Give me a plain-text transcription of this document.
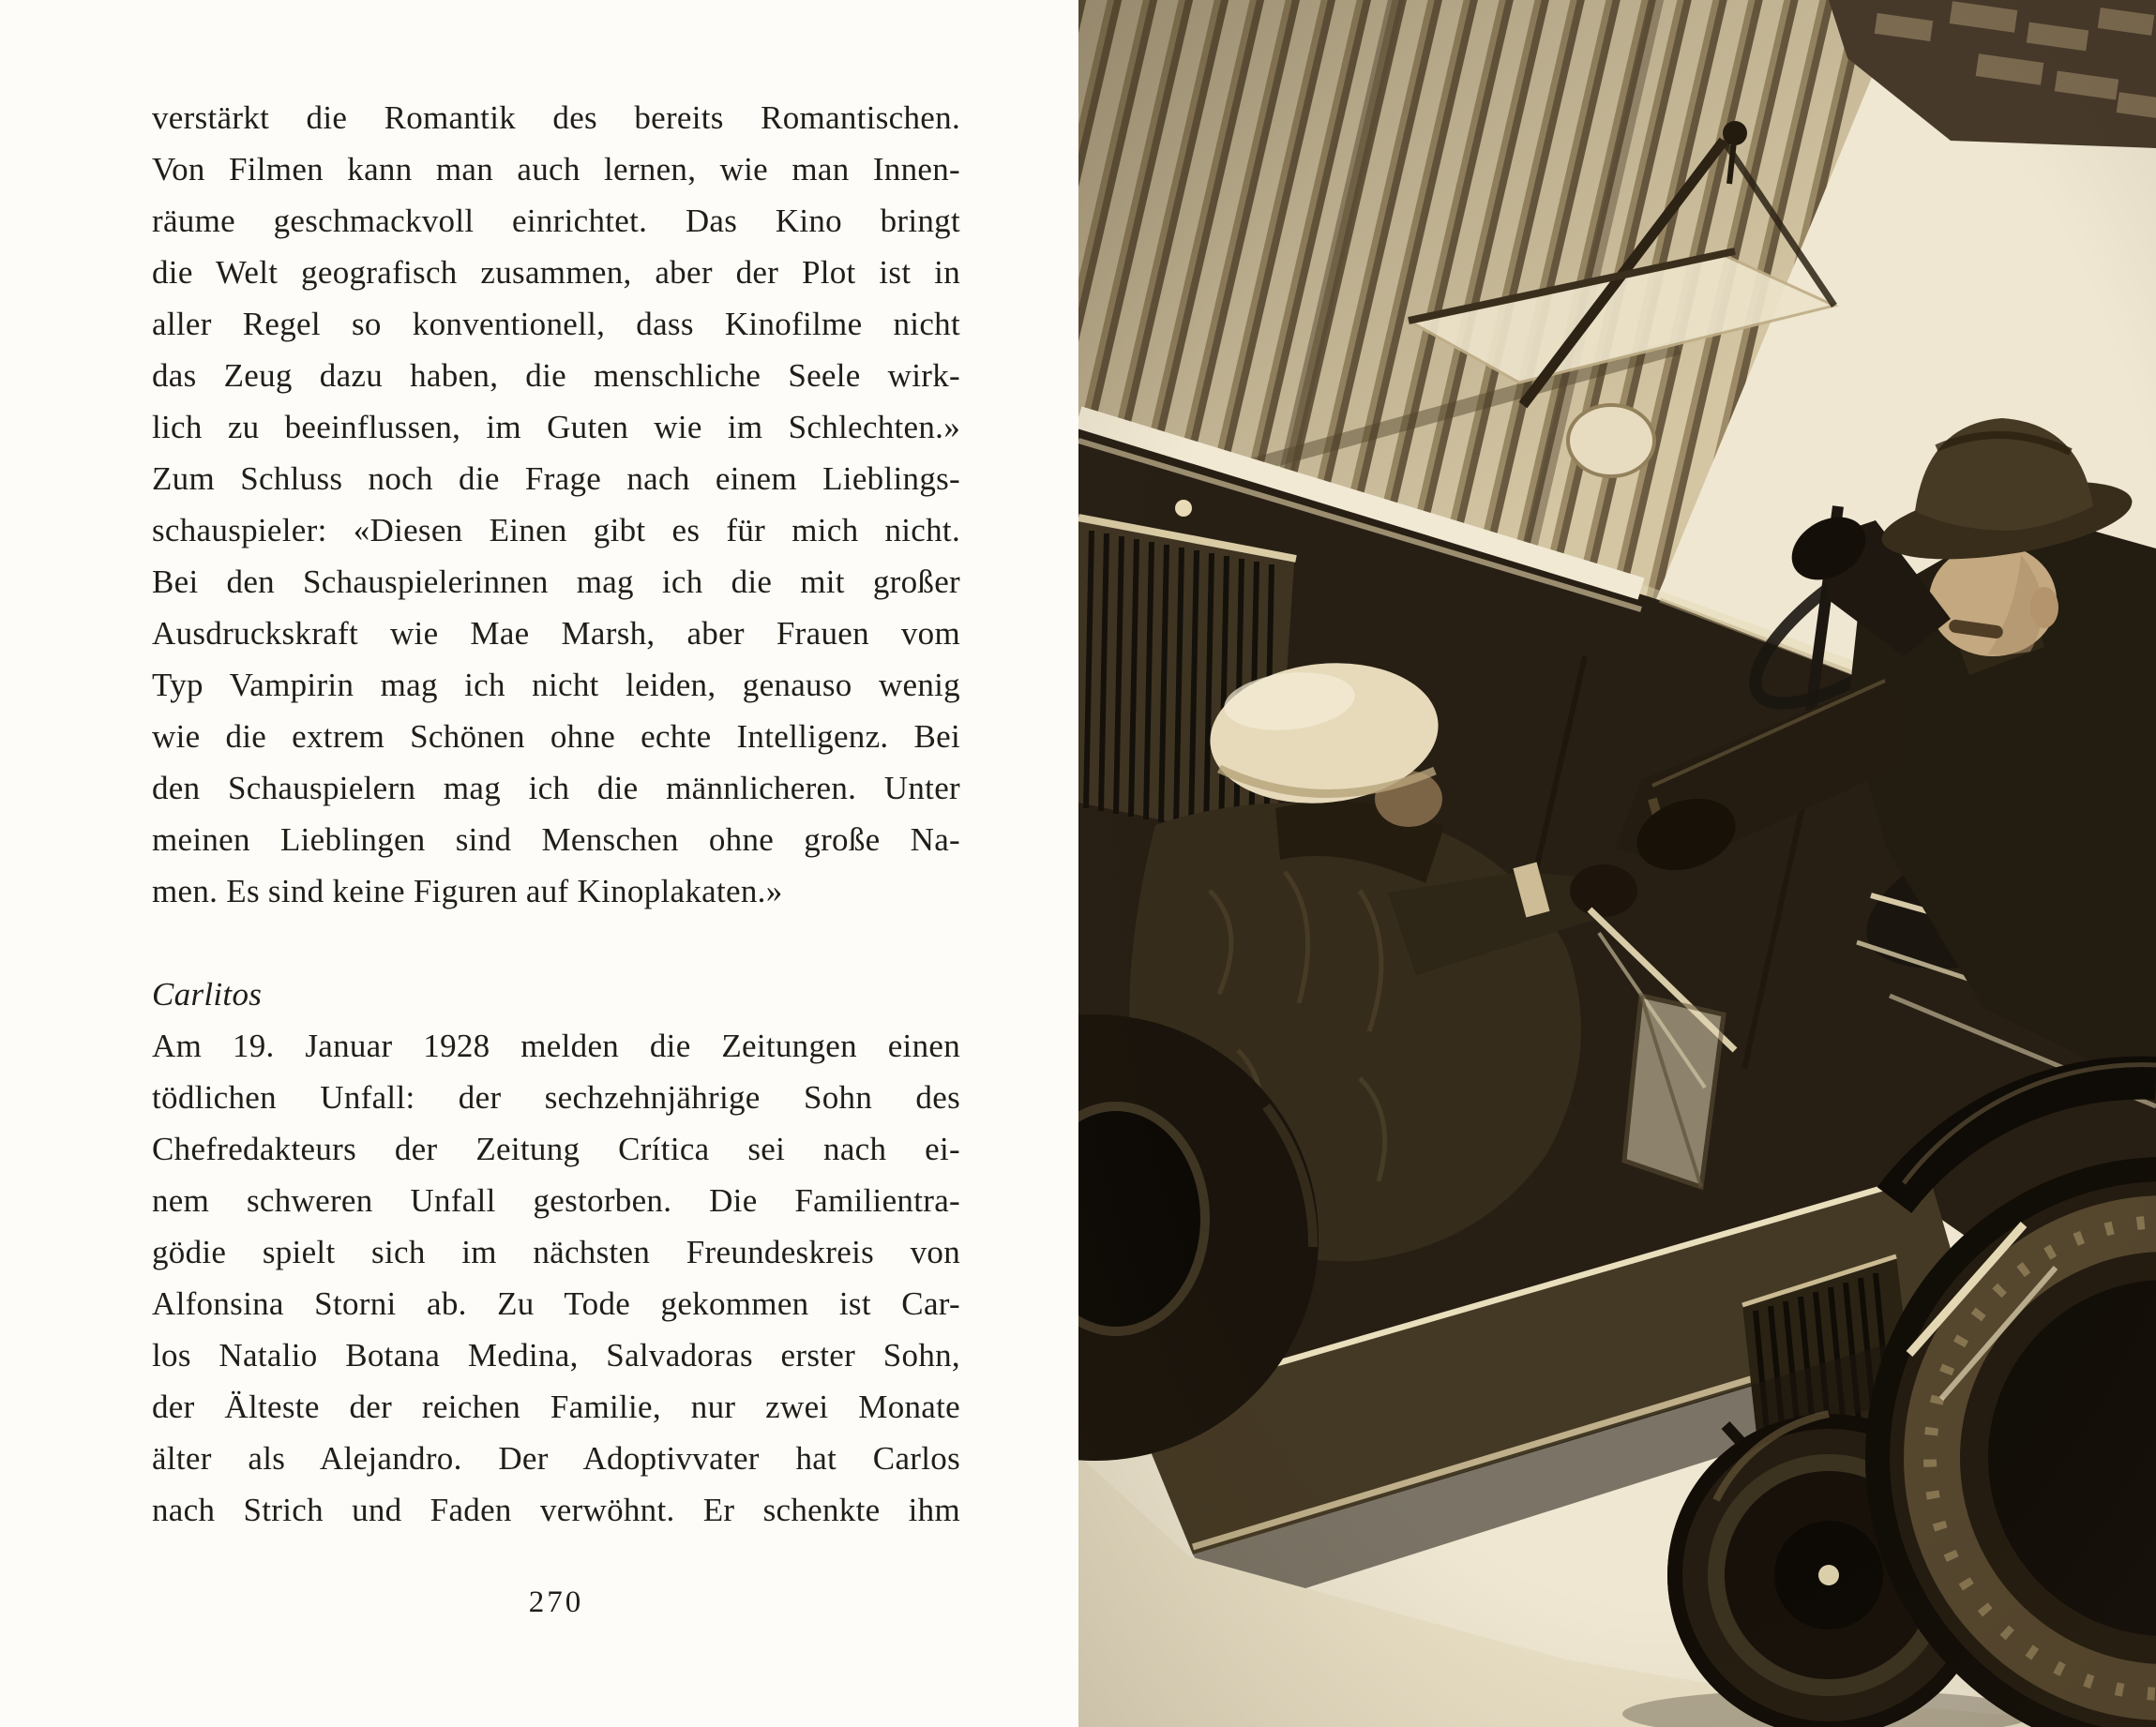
verstärkt die Romantik des bereits Romantischen.
Von Filmen kann man auch lernen, wie man Innen-
räume geschmackvoll einrichtet. Das Kino bringt
die Welt geografisch zusammen, aber der Plot ist in
aller Regel so konventionell, dass Kinofilme nicht
das Zeug dazu haben, die menschliche Seele wirk-
lich zu beeinflussen, im Guten wie im Schlechten.»
Zum Schluss noch die Frage nach einem Lieblings-
schauspieler: «Diesen Einen gibt es für mich nicht.
Bei den Schauspielerinnen mag ich die mit großer
Ausdruckskraft wie Mae Marsh, aber Frauen vom
Typ Vampirin mag ich nicht leiden, genauso wenig
wie die extrem Schönen ohne echte Intelligenz. Bei
den Schauspielern mag ich die männlicheren. Unter
meinen Lieblingen sind Menschen ohne große Na-
men. Es sind keine Figuren auf Kinoplakaten.»
Carlitos
Am 19. Januar 1928 melden die Zeitungen einen
tödlichen Unfall: der sechzehnjährige Sohn des
Chefredakteurs der Zeitung Crítica sei nach ei-
nem schweren Unfall gestorben. Die Familientra-
gödie spielt sich im nächsten Freundeskreis von
Alfonsina Storni ab. Zu Tode gekommen ist Car-
los Natalio Botana Medina, Salvadoras erster Sohn,
der Älteste der reichen Familie, nur zwei Monate
älter als Alejandro. Der Adoptivvater hat Carlos
nach Strich und Faden verwöhnt. Er schenkte ihm
270
